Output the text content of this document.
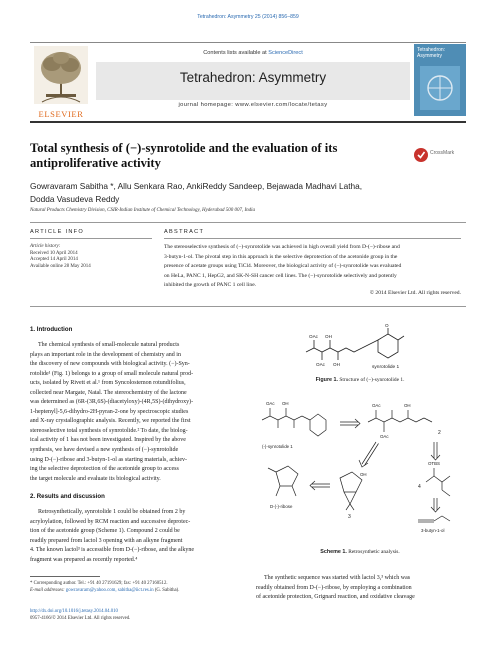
Tetrahedron: Asymmetry 25 (2014) 856–859
ELSEVIER
Contents lists available at ScienceDirect
Tetrahedron: Asymmetry
journal homepage: www.elsevier.com/locate/tetasy
Tetrahedron:
Asymmetry
Total synthesis of (−)-synrotolide and the evaluation of its
antiproliferative activity
CrossMark
Gowravaram Sabitha *, Allu Senkara Rao, AnkiReddy Sandeep, Bejawada Madhavi Latha,
Dodda Vasudeva Reddy
Natural Products Chemistry Division, CSIR-Indian Institute of Chemical Technology, Hyderabad 500 007, India
ARTICLE INFO
Article history:
Received 10 April 2014
Accepted 14 April 2014
Available online 28 May 2014
ABSTRACT
The stereoselective synthesis of (−)-synrotolide was achieved in high overall yield from D-(−)-ribose and
3-butyn-1-ol. The pivotal step in this approach is the selective deprotection of the acetonide group in the
presence of acetate groups using TiCl4. Moreover, the biological activity of (−)-synrotolide was evaluated
on HeLa, PANC 1, HepG2, and SK-N-SH cancer cell lines. The (−)-synrotolide selectively and potently
inhibited the growth of PANC 1 cell line.
© 2014 Elsevier Ltd. All rights reserved.
1. Introduction
The chemical synthesis of small-molecule natural products
plays an important role in the development of chemistry and in
the discovery of new compounds with biological activity. (−)-Syn-
rotolide¹ (Fig. 1) belongs to a group of small molecule natural prod-
ucts, isolated by Rivett et al.¹ from Syncolostemon rotundifolius,
collected near Margate, Natal. The stereochemistry of the lactone
was determined as (6R-(3R,6S)-(diacetyloxy)-(4R,5S)-(dihydroxy)-
1-heptenyl]-5,6-dihydro-2H-pyran-2-one by spectroscopic studies
and X-ray crystallographic analysis. Recently, we reported the first
stereoselective total synthesis of synrotolide.² To date, the biolog-
ical activity of 1 has not been investigated. Inspired by the above
synthesis, we have devised a new synthesis of (−)-synrotolide
using D-(−)-ribose and 3-butyn-1-ol as starting materials, achiev-
ing the selective deprotection of the acetonide group to access
the target molecule and evaluate its biological activity.
2. Results and discussion
Retrosynthetically, synrotolide 1 could be obtained from 2 by
acryloylation, followed by RCM reaction and successive deprotec-
tion of the acetonide group (Scheme 1). Compound 2 could be
readily prepared from lactol 3 opening with an alkyne fragment
4. The known lactol³ is accessible from D-(−)-ribose, and the alkyne
fragment was prepared as recently reported.⁴
OAc OH
OAc OH
O
synrotolide 1
Figure 1. Structure of (−)-synrotolide 1.
OAc OH
(-)-synrotolide 1
OAc	OH
OAc
2
OTBS
4
3-butyn-1-ol
3
OH
D-(-)-ribose
Scheme 1. Retrosynthetic analysis.
The synthetic sequence was started with lactol 3,³ which was
readily obtained from D-(−)-ribose, by employing a combination
of acetonide protection, Grignard reaction, and oxidative cleavage
* Corresponding author. Tel.: +91 40 27191629; fax: +91 40 27160512.
E-mail addresses: gowravaram@yahoo.com, sabitha@iict.res.in (G. Sabitha).
http://dx.doi.org/10.1016/j.tetasy.2014.04.010
0957-4166/© 2014 Elsevier Ltd. All rights reserved.
